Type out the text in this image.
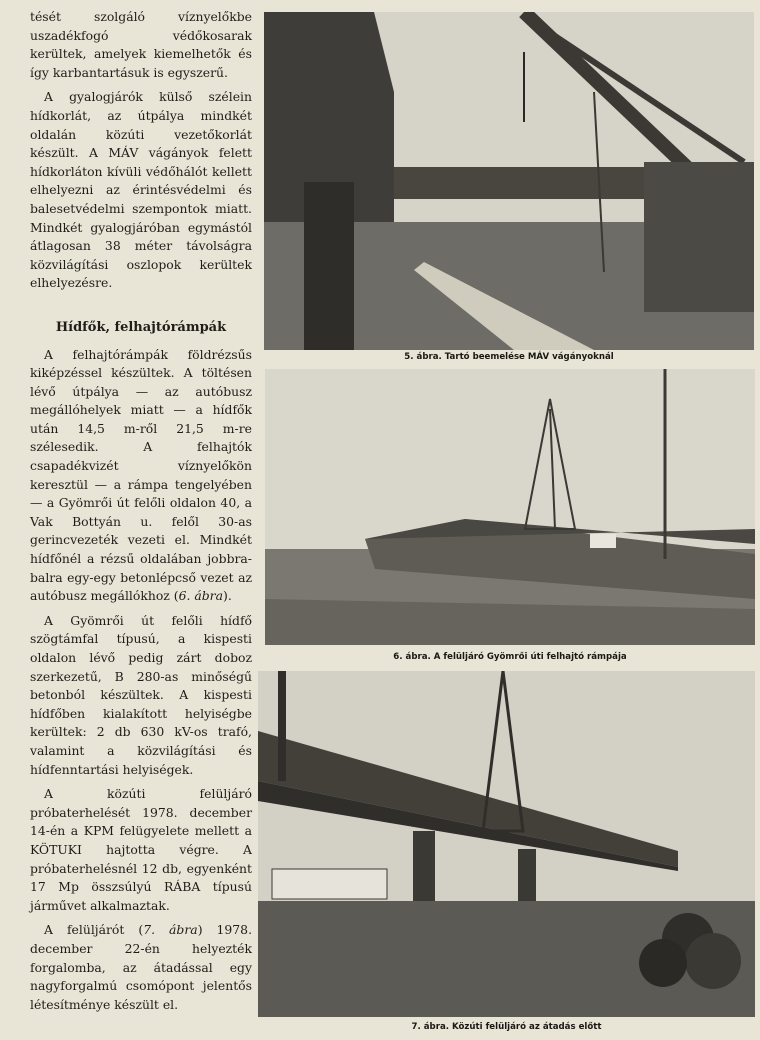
tését szolgáló víznyelőkbe uszadékfogó védőkosarak kerültek, amelyek kiemelhetők és így karbantartásuk is egyszerű.

A gyalogjárók külső szélein hídkorlát, az útpálya mindkét oldalán közúti vezetőkorlát készült. A MÁV vágányok felett hídkorláton kívüli védőhálót kellett elhelyezni az érintésvédelmi és balesetvédelmi szempontok miatt. Mindkét gyalogjáróban egymástól átlagosan 38 méter távolságra közvilágítási oszlopok kerültek elhelyezésre.

Hídfők, felhajtórámpák

A felhajtórámpák földrézsűs kiképzéssel készültek. A töltésen lévő útpálya — az autóbusz megállóhelyek miatt — a hídfők után 14,5 m-ről 21,5 m-re szélesedik. A felhajtók csapadékvizét víznyelőkön keresztül — a rámpa tengelyében — a Gyömrői út felőli oldalon 40, a Vak Bottyán u. felől 30-as gerincvezeték vezeti el. Mindkét hídfőnél a rézsű oldalában jobbra-balra egy-egy betonlépcső vezet az autóbusz megállókhoz (6. ábra).

A Gyömrői út felőli hídfő szögtámfal típusú, a kispesti oldalon lévő pedig zárt doboz szerkezetű, B 280-as minőségű betonból készültek. A kispesti hídfőben kialakított helyiségbe kerültek: 2 db 630 kV-os trafó, valamint a közvilágítási és hídfenntartási helyiségek.

A közúti felüljáró próbaterhelését 1978. december 14-én a KPM felügyelete mellett a KÖTUKI hajtotta végre. A próbaterhelésnél 12 db, egyenként 17 Mp összsúlyú RÁBA típusú járművet alkalmaztak.

A felüljárót (7. ábra) 1978. december 22-én helyezték forgalomba, az átadással egy nagyforgalmú csomópont jelentős létesítménye készült el.

5. ábra. Tartó beemelése MÁV vágányoknál
6. ábra. A felüljáró Gyömrői úti felhajtó rámpája
7. ábra. Közúti felüljáró az átadás előtt
